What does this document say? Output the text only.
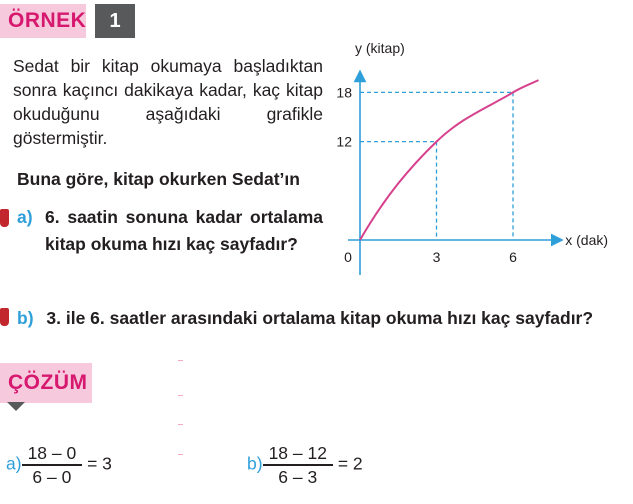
ÖRNEK	1
Sedat bir kitap okumaya başladıktan sonra kaçıncı dakikaya kadar, kaç kitap okuduğunu aşağıdaki grafikle göstermiştir.
Buna göre, kitap okurken Sedat’ın
a) 6. saatin sonuna kadar ortalama kitap okuma hızı kaç sayfadır?
b) 3. ile 6. saatler arasındaki ortalama kitap okuma hızı kaç sayfadır?
3	6
12
18
y (kitap)
x (dak)
0
ÇÖZÜM
$a) \frac{18 - 0}{6 - 0} = 3$	$b) \frac{18 - 12}{6 - 3} = 2$
